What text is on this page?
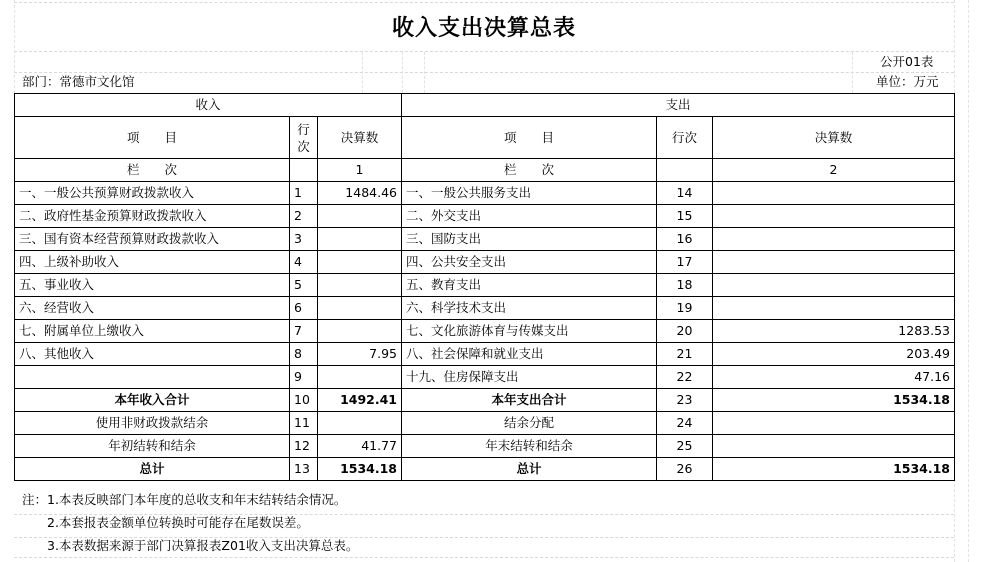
收入支出决算总表
公开01表
部门：常德市文化馆	单位：万元
收入			支出		
项　　目	行次	决算数	项　　目	行次	决算数
栏　　次		1	栏　　次		2
一、一般公共预算财政拨款收入	1	1484.46	一、一般公共服务支出	14	
二、政府性基金预算财政拨款收入	2		二、外交支出	15	
三、国有资本经营预算财政拨款收入	3		三、国防支出	16	
四、上级补助收入	4		四、公共安全支出	17	
五、事业收入	5		五、教育支出	18	
六、经营收入	6		六、科学技术支出	19	
七、附属单位上缴收入	7		七、文化旅游体育与传媒支出	20	1283.53
八、其他收入	8	7.95	八、社会保障和就业支出	21	203.49
	9		十九、住房保障支出	22	47.16
本年收入合计	10	1492.41	本年支出合计	23	1534.18
使用非财政拨款结余	11		结余分配	24	
年初结转和结余	12	41.77	年末结转和结余	25	
总计	13	1534.18	总计	26	1534.18
注：1.本表反映部门本年度的总收支和年末结转结余情况。
2.本套报表金额单位转换时可能存在尾数误差。
3.本表数据来源于部门决算报表Z01收入支出决算总表。
